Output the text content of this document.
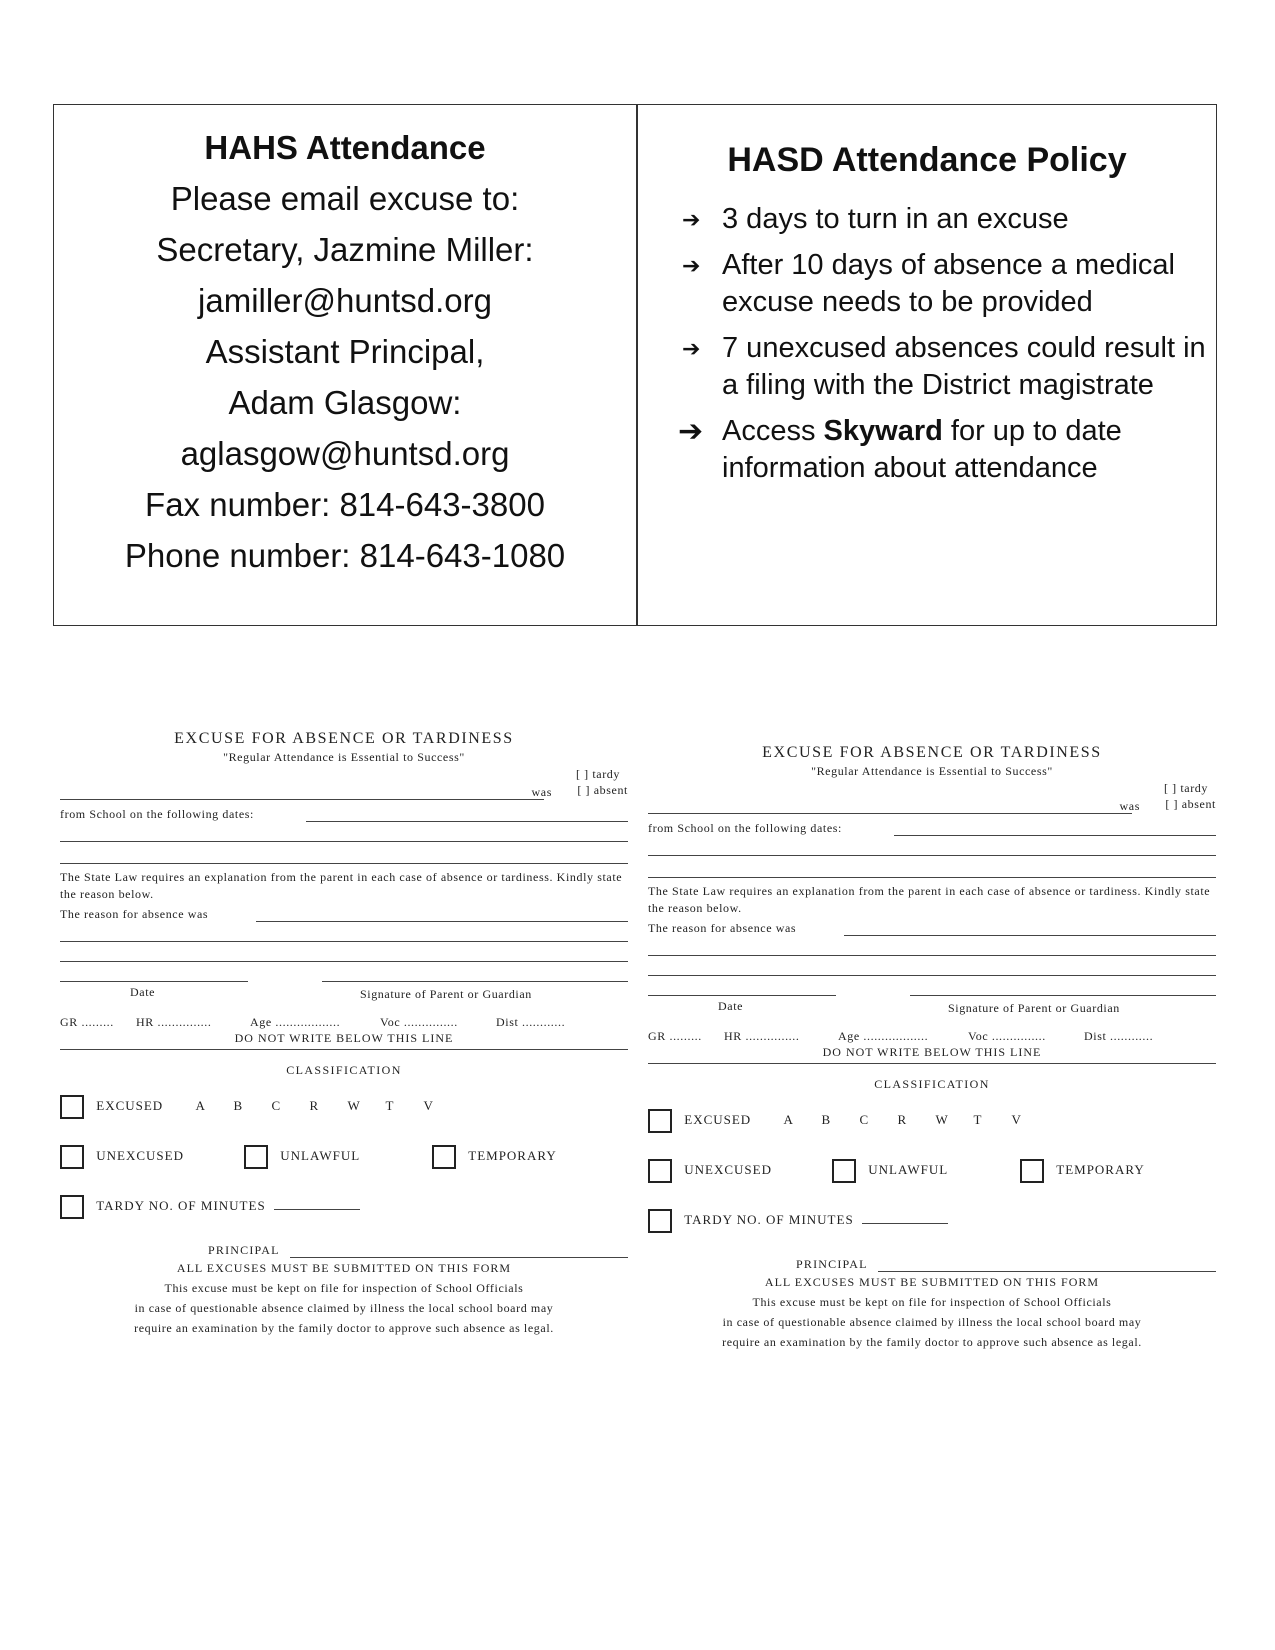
HAHS Attendance
Please email excuse to:
Secretary, Jazmine Miller:
jamiller@huntsd.org
Assistant Principal,
Adam Glasgow:
aglasgow@huntsd.org
Fax number: 814-643-3800
Phone number: 814-643-1080
HASD Attendance Policy
➔ 3 days to turn in an excuse
➔ After 10 days of absence a medical excuse needs to be provided
➔ 7 unexcused absences could result in a filing with the District magistrate
➔ Access Skyward for up to date information about attendance
EXCUSE FOR ABSENCE OR TARDINESS
"Regular Attendance is Essential to Success"
[ ] tardy
[ ] absent
was
from School on the following dates:
The State Law requires an explanation from the parent in each case of absence or tardiness. Kindly state the reason below.
The reason for absence was
Date	Signature of Parent or Guardian
GR ......... HR ...............	Age ..................	Voc ...............	Dist ............
DO NOT WRITE BELOW THIS LINE
CLASSIFICATION
EXCUSED A B C R W T V
UNEXCUSED	UNLAWFUL	TEMPORARY
TARDY NO. OF MINUTES
PRINCIPAL
ALL EXCUSES MUST BE SUBMITTED ON THIS FORM
This excuse must be kept on file for inspection of School Officials
in case of questionable absence claimed by illness the local school board may
require an examination by the family doctor to approve such absence as legal.
EXCUSE FOR ABSENCE OR TARDINESS
"Regular Attendance is Essential to Success"
[ ] tardy
[ ] absent
was
from School on the following dates:
The State Law requires an explanation from the parent in each case of absence or tardiness. Kindly state the reason below.
The reason for absence was
Date	Signature of Parent or Guardian
GR ......... HR ...............	Age ..................	Voc ...............	Dist ............
DO NOT WRITE BELOW THIS LINE
CLASSIFICATION
EXCUSED A B C R W T V
UNEXCUSED	UNLAWFUL	TEMPORARY
TARDY NO. OF MINUTES
PRINCIPAL
ALL EXCUSES MUST BE SUBMITTED ON THIS FORM
This excuse must be kept on file for inspection of School Officials
in case of questionable absence claimed by illness the local school board may
require an examination by the family doctor to approve such absence as legal.
